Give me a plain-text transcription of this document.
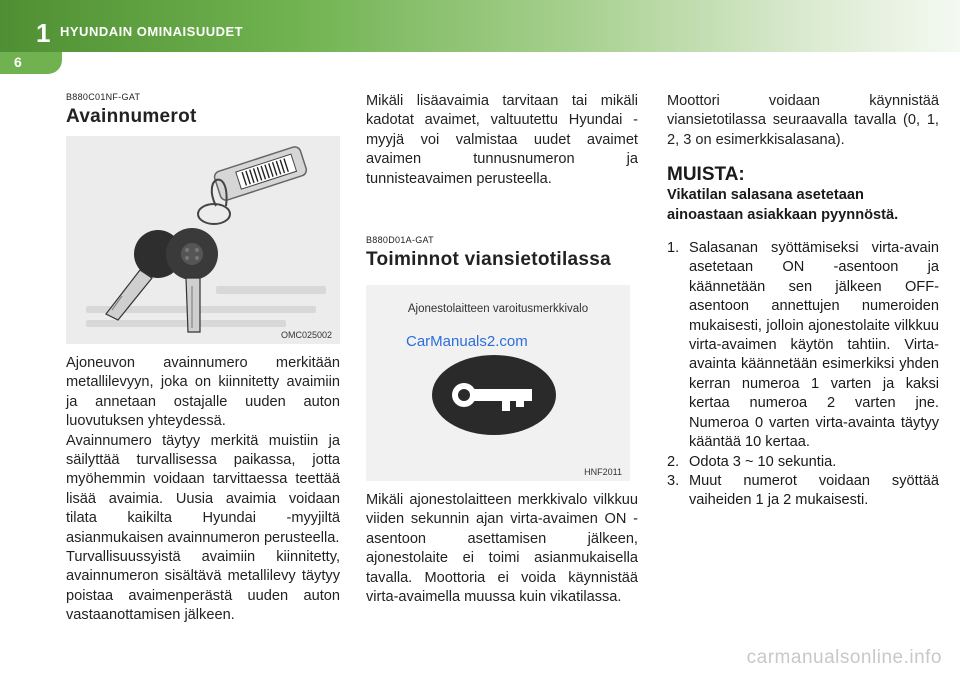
1 HYUNDAIN OMINAISUUDET
6
B880C01NF-GAT
Avainnumerot
OMC025002

Ajoneuvon avainnumero merkitään metallilevyyn, joka on kiinnitetty avaimiin ja annetaan ostajalle uuden auton luovutuksen yhteydessä.

Avainnumero täytyy merkitä muistiin ja säilyttää turvallisessa paikassa, jotta myöhemmin voidaan tarvittaessa teettää lisää avaimia. Uusia avaimia voidaan tilata kaikilta Hyundai -myyjiltä asianmukaisen avainnumeron perusteella.

Turvallisuussyistä avaimiin kiinnitetty, avainnumeron sisältävä metallilevy täytyy poistaa avaimenperästä uuden auton vastaanottamisen jälkeen.

Mikäli lisäavaimia tarvitaan tai mikäli kadotat avaimet, valtuutettu Hyundai -myyjä voi valmistaa uudet avaimet avaimen tunnusnumeron ja tunnisteavaimen perusteella.

B880D01A-GAT
Toiminnot viansietotilassa
Ajonestolaitteen varoitusmerkkivalo
CarManuals2.com
HNF2011

Mikäli ajonestolaitteen merkkivalo vilkkuu viiden sekunnin ajan virta-avaimen ON -asentoon asettamisen jälkeen, ajonestolaite ei toimi asianmukaisella tavalla. Moottoria ei voida käynnistää virta-avaimella muussa kuin vikatilassa.

Moottori voidaan käynnistää viansietotilassa seuraavalla tavalla (0, 1, 2, 3 on esimerkkisalasana).

MUISTA:
Vikatilan salasana asetetaan ainoastaan asiakkaan pyynnöstä.
1. Salasanan syöttämiseksi virta-avain asetetaan ON -asentoon ja käännetään sen jälkeen OFF-asentoon annettujen numeroiden mukaisesti, jolloin ajonestolaite vilkkuu virta-avaimen käytön tahtiin. Virta-avainta käännetään esimerkiksi yhden kerran numeroa 1 varten ja kaksi kertaa numeroa 2 varten jne. Numeroa 0 varten virta-avainta täytyy kääntää 10 kertaa.
2. Odota 3 ~ 10 sekuntia.
3. Muut numerot voidaan syöttää vaiheiden 1 ja 2 mukaisesti.
carmanualsonline.info
